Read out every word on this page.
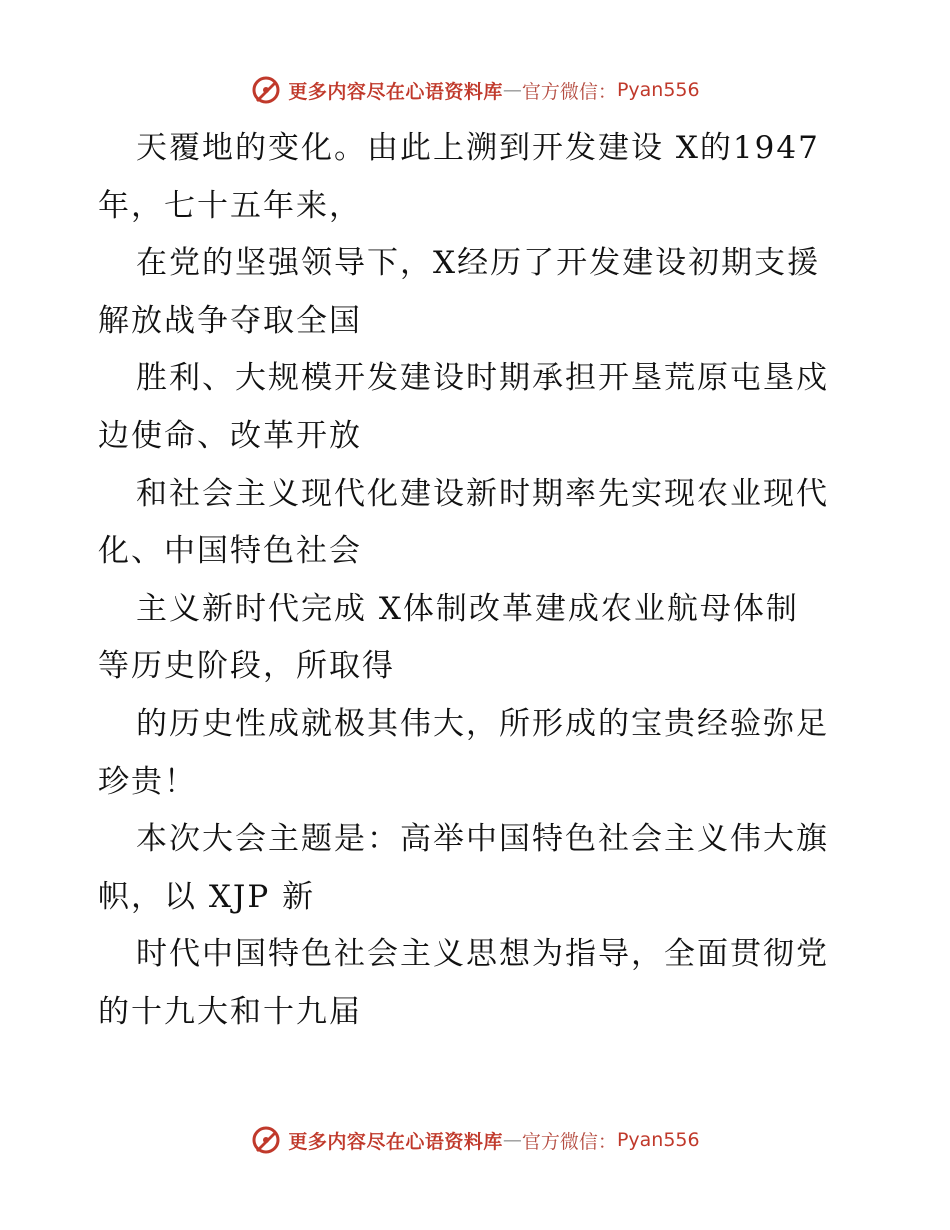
更多内容尽在心语资料库 — 官方微信： Pyan556
天覆地的变化。由此上溯到开发建设 X的1947
年，七十五年来，
在党的坚强领导下，X经历了开发建设初期支援
解放战争夺取全国
胜利、大规模开发建设时期承担开垦荒原屯垦戍
边使命、改革开放
和社会主义现代化建设新时期率先实现农业现代
化、中国特色社会
主义新时代完成 X体制改革建成农业航母体制
等历史阶段，所取得
的历史性成就极其伟大，所形成的宝贵经验弥足
珍贵！
本次大会主题是：高举中国特色社会主义伟大旗
帜，以 XJP 新
时代中国特色社会主义思想为指导，全面贯彻党
的十九大和十九届
更多内容尽在心语资料库 — 官方微信： Pyan556
